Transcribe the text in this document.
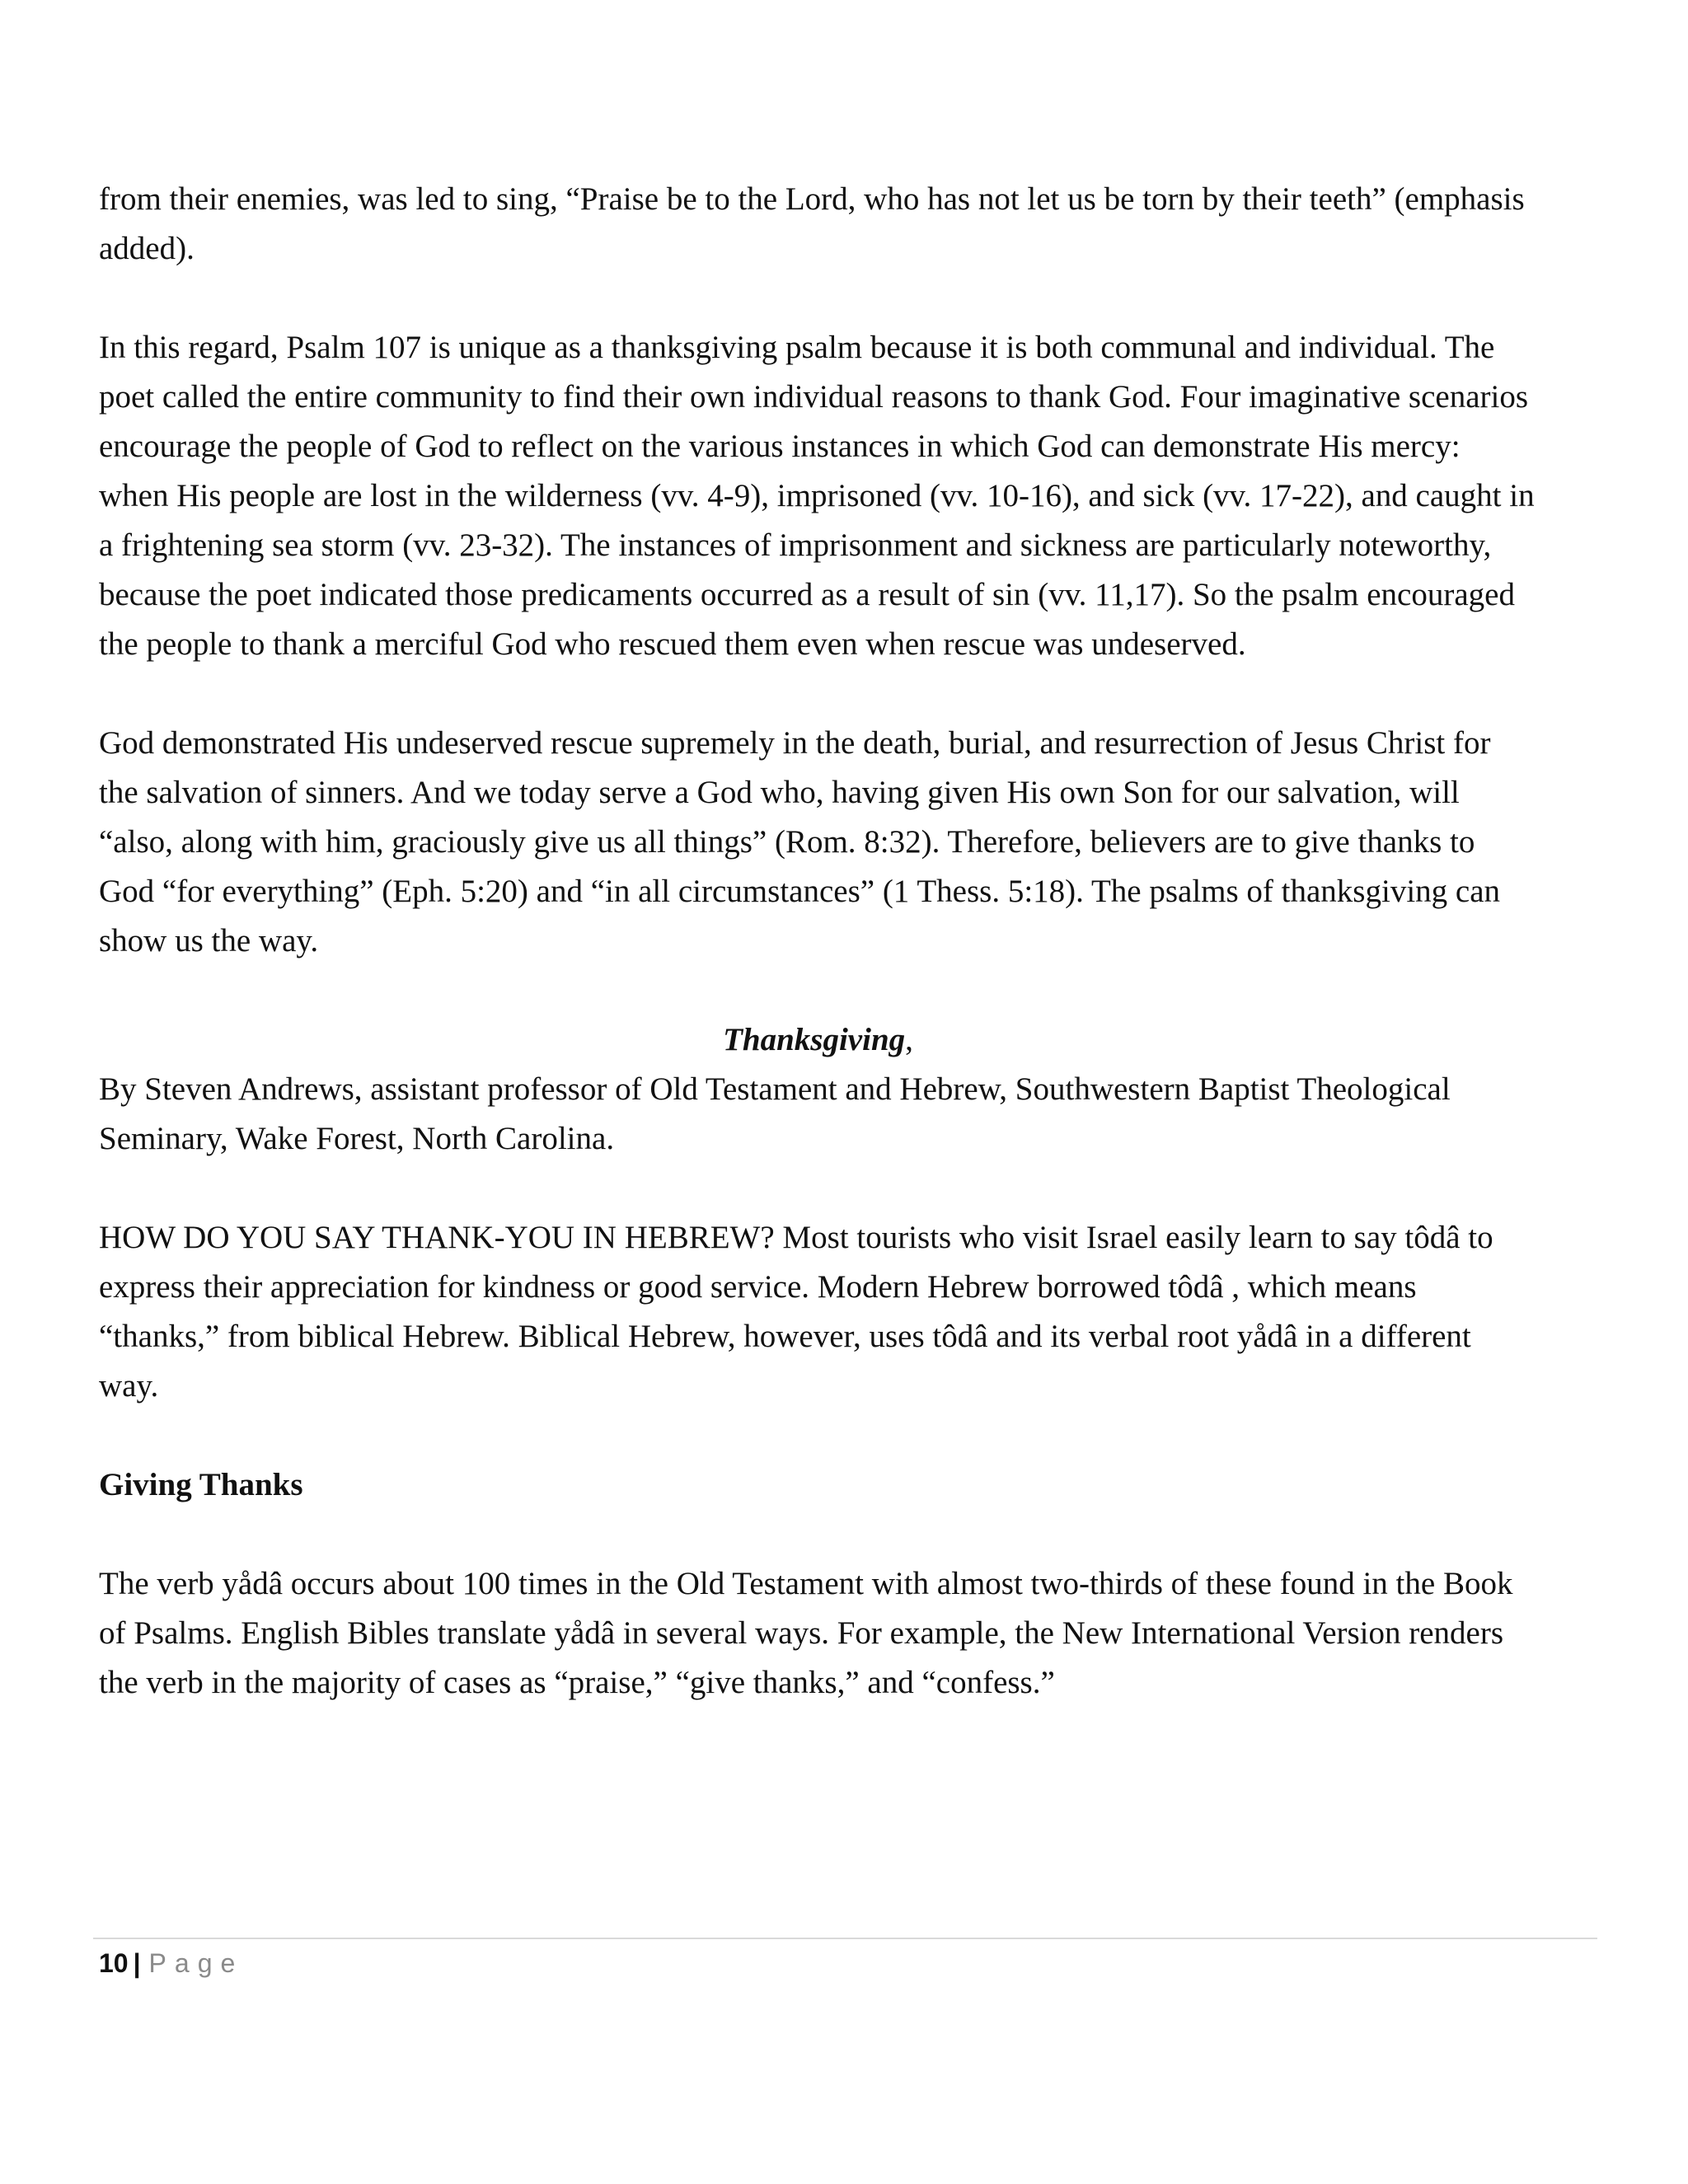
from their enemies, was led to sing, “Praise be to the Lord, who has not let us be torn by their teeth” (emphasis added).

In this regard, Psalm 107 is unique as a thanksgiving psalm because it is both communal and individual. The poet called the entire community to find their own individual reasons to thank God. Four imaginative scenarios encourage the people of God to reflect on the various instances in which God can demonstrate His mercy: when His people are lost in the wilderness (vv. 4-9), imprisoned (vv. 10-16), and sick (vv. 17-22), and caught in a frightening sea storm (vv. 23-32). The instances of imprisonment and sickness are particularly noteworthy, because the poet indicated those predicaments occurred as a result of sin (vv. 11,17). So the psalm encouraged the people to thank a merciful God who rescued them even when rescue was undeserved.

God demonstrated His undeserved rescue supremely in the death, burial, and resurrection of Jesus Christ for the salvation of sinners. And we today serve a God who, having given His own Son for our salvation, will “also, along with him, graciously give us all things” (Rom. 8:32). Therefore, believers are to give thanks to God “for everything” (Eph. 5:20) and “in all circumstances” (1 Thess. 5:18). The psalms of thanksgiving can show us the way.

Thanksgiving,

By Steven Andrews, assistant professor of Old Testament and Hebrew, Southwestern Baptist Theological Seminary, Wake Forest, North Carolina.

HOW DO YOU SAY THANK-YOU IN HEBREW? Most tourists who visit Israel easily learn to say tôdâ to express their appreciation for kindness or good service. Modern Hebrew borrowed tôdâ , which means “thanks,” from biblical Hebrew. Biblical Hebrew, however, uses tôdâ and its verbal root yådâ in a different way.

Giving Thanks

The verb yådâ occurs about 100 times in the Old Testament with almost two-thirds of these found in the Book of Psalms. English Bibles translate yådâ in several ways. For example, the New International Version renders the verb in the majority of cases as “praise,” “give thanks,” and “confess.”

10 | Page
